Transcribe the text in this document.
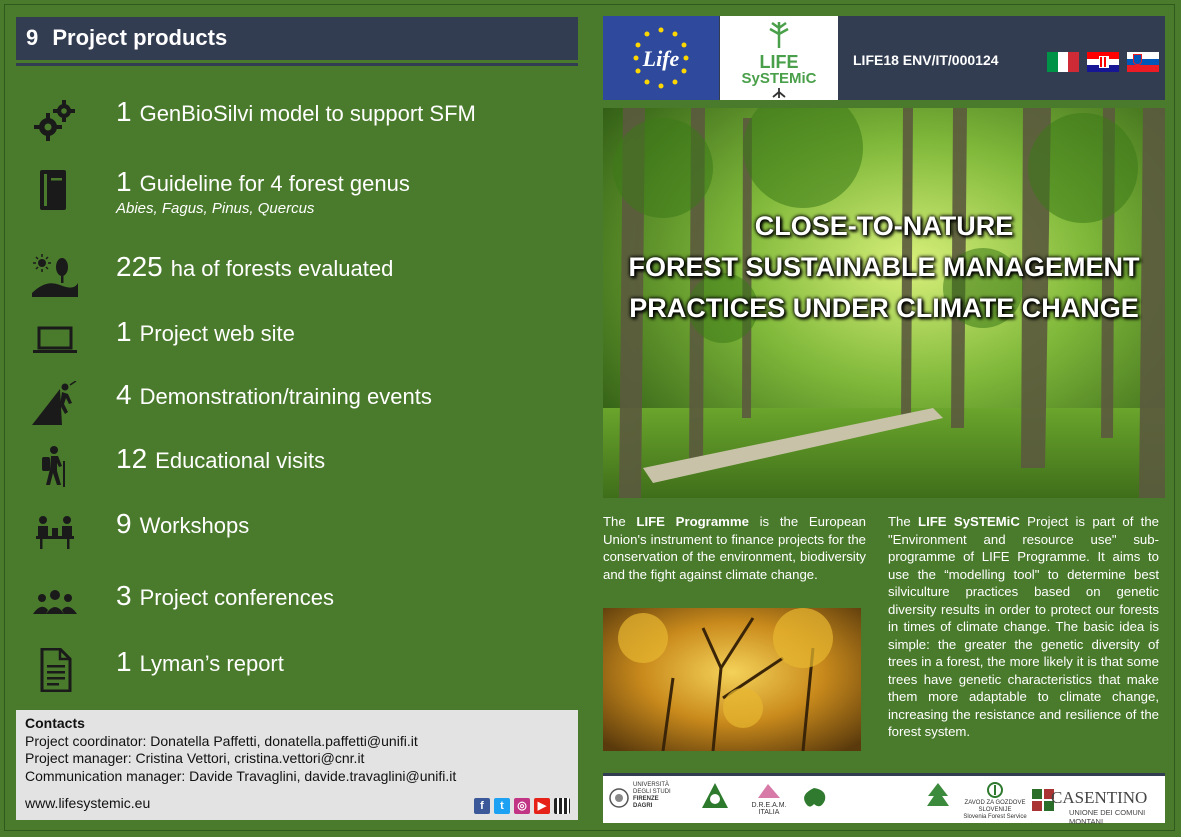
9 Project products
1 GenBioSilvi model to support SFM
1 Guideline for 4 forest genus
Abies, Fagus, Pinus, Quercus
225 ha of forests evaluated
1 Project web site
4 Demonstration/training events
12 Educational visits
9 Workshops
3 Project conferences
1 Lyman’s report
Contacts
Project coordinator: Donatella Paffetti, donatella.paffetti@unifi.it
Project manager: Cristina Vettori, cristina.vettori@cnr.it
Communication manager: Davide Travaglini, davide.travaglini@unifi.it
www.lifesystemic.eu	f	t	◎ ▶
Life	LIFE
SySTEMiC
LIFE18 ENV/IT/000124
CLOSE-TO-NATURE
FOREST SUSTAINABLE MANAGEMENT
PRACTICES UNDER CLIMATE CHANGE
The LIFE Programme is the European Union's instrument to finance projects for the conservation of the environment, biodiversity and the fight against climate change.
The LIFE SySTEMiC Project is part of the "Environment and resource use" sub-programme of LIFE Programme. It aims to use the “modelling tool" to determine best silviculture practices based on genetic diversity results in order to protect our forests in times of climate change. The basic idea is simple: the greater the genetic diversity of trees in a forest, the more likely it is that some trees have genetic characteristics that make them more adaptable to climate change, increasing the resistance and resilience of the forest system.
UNIVERSITÀ
DEGLI STUDI
FIRENZE
DAGRI	D.R.E.A.M.
ITALIA
ZAVOD ZA GOZDOVE
SLOVENIJE
Slovenia Forest Service
CASENTINO
UNIONE DEI COMUNI MONTANI
